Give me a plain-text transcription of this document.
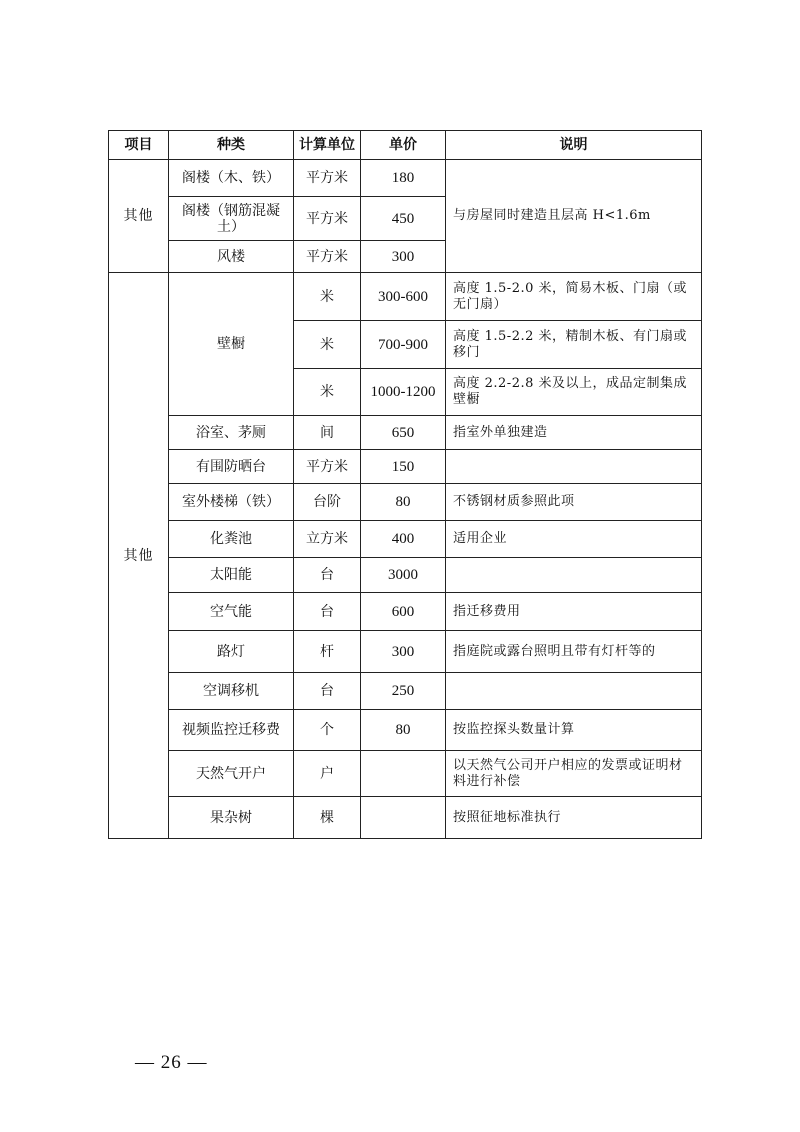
项目	种类	计算单位	单价	说明
其他	阁楼（木、铁）	平方米	180	与房屋同时建造且层高 H<1.6m
	阁楼（钢筋混凝土）	平方米	450	
	风楼	平方米	300	
其他	壁橱	米	300-600	高度 1.5-2.0 米，简易木板、门扇（或无门扇）
		米	700-900	高度 1.5-2.2 米，精制木板、有门扇或移门
		米	1000-1200	高度 2.2-2.8 米及以上，成品定制集成壁橱
	浴室、茅厕	间	650	指室外单独建造
	有围防晒台	平方米	150	
	室外楼梯（铁）	台阶	80	不锈钢材质参照此项
	化粪池	立方米	400	适用企业
	太阳能	台	3000	
	空气能	台	600	指迁移费用
	路灯	杆	300	指庭院或露台照明且带有灯杆等的
	空调移机	台	250	
	视频监控迁移费	个	80	按监控探头数量计算
	天然气开户	户		以天然气公司开户相应的发票或证明材料进行补偿
	果杂树	棵		按照征地标准执行
— 26 —
